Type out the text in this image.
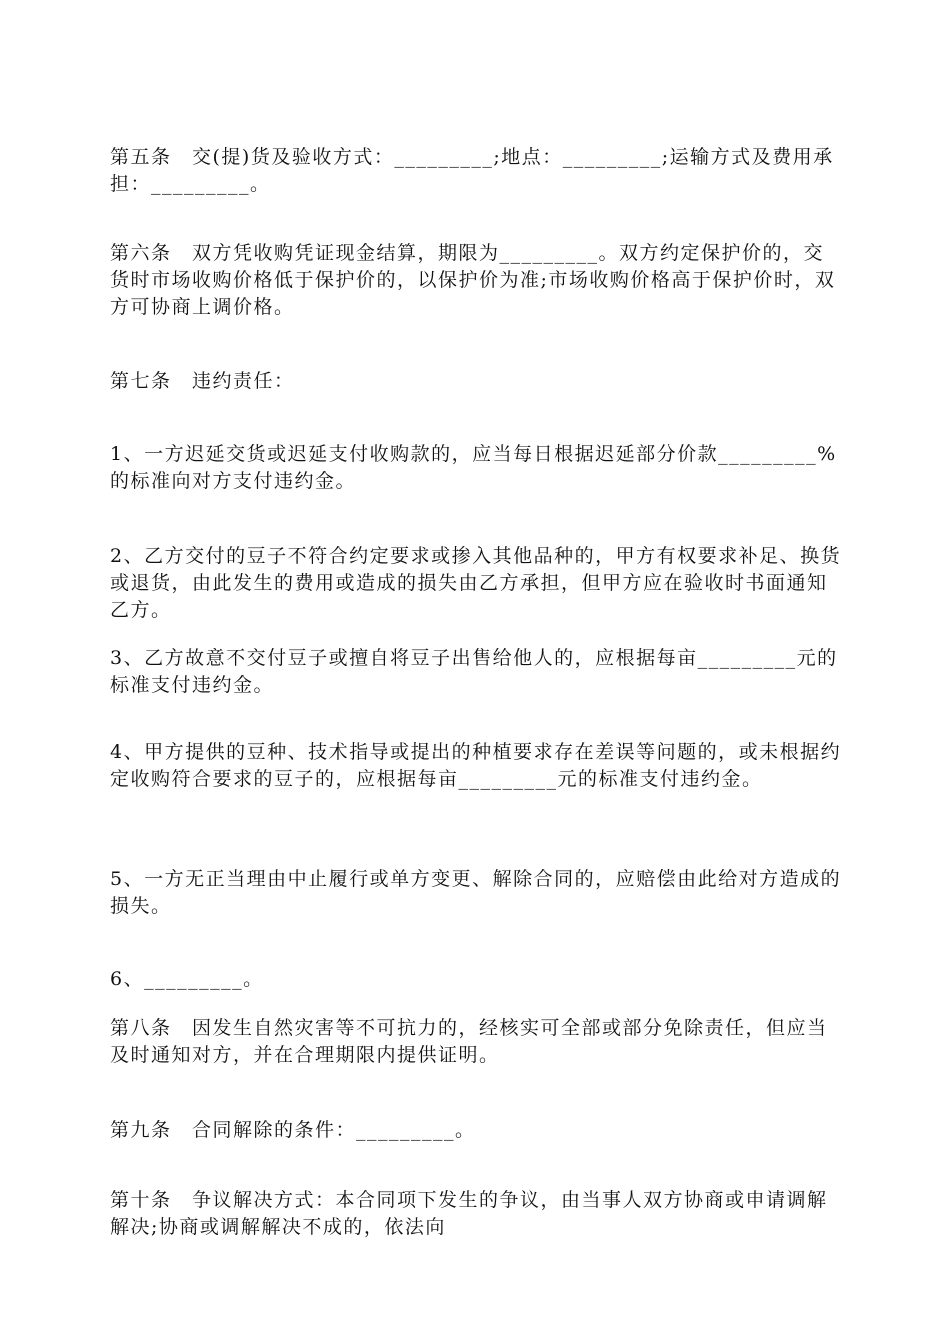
第五条　交(提)货及验收方式：_________;地点：_________;运输方式及费用承担：_________。

第六条　双方凭收购凭证现金结算，期限为_________。双方约定保护价的，交货时市场收购价格低于保护价的，以保护价为准;市场收购价格高于保护价时，双方可协商上调价格。

第七条　违约责任：

1、一方迟延交货或迟延支付收购款的，应当每日根据迟延部分价款_________%的标准向对方支付违约金。

2、乙方交付的豆子不符合约定要求或掺入其他品种的，甲方有权要求补足、换货或退货，由此发生的费用或造成的损失由乙方承担，但甲方应在验收时书面通知乙方。

3、乙方故意不交付豆子或擅自将豆子出售给他人的，应根据每亩_________元的标准支付违约金。

4、甲方提供的豆种、技术指导或提出的种植要求存在差误等问题的，或未根据约定收购符合要求的豆子的，应根据每亩_________元的标准支付违约金。

5、一方无正当理由中止履行或单方变更、解除合同的，应赔偿由此给对方造成的损失。

6、_________。

第八条　因发生自然灾害等不可抗力的，经核实可全部或部分免除责任，但应当及时通知对方，并在合理期限内提供证明。

第九条　合同解除的条件：_________。

第十条　争议解决方式：本合同项下发生的争议，由当事人双方协商或申请调解解决;协商或调解解决不成的，依法向
